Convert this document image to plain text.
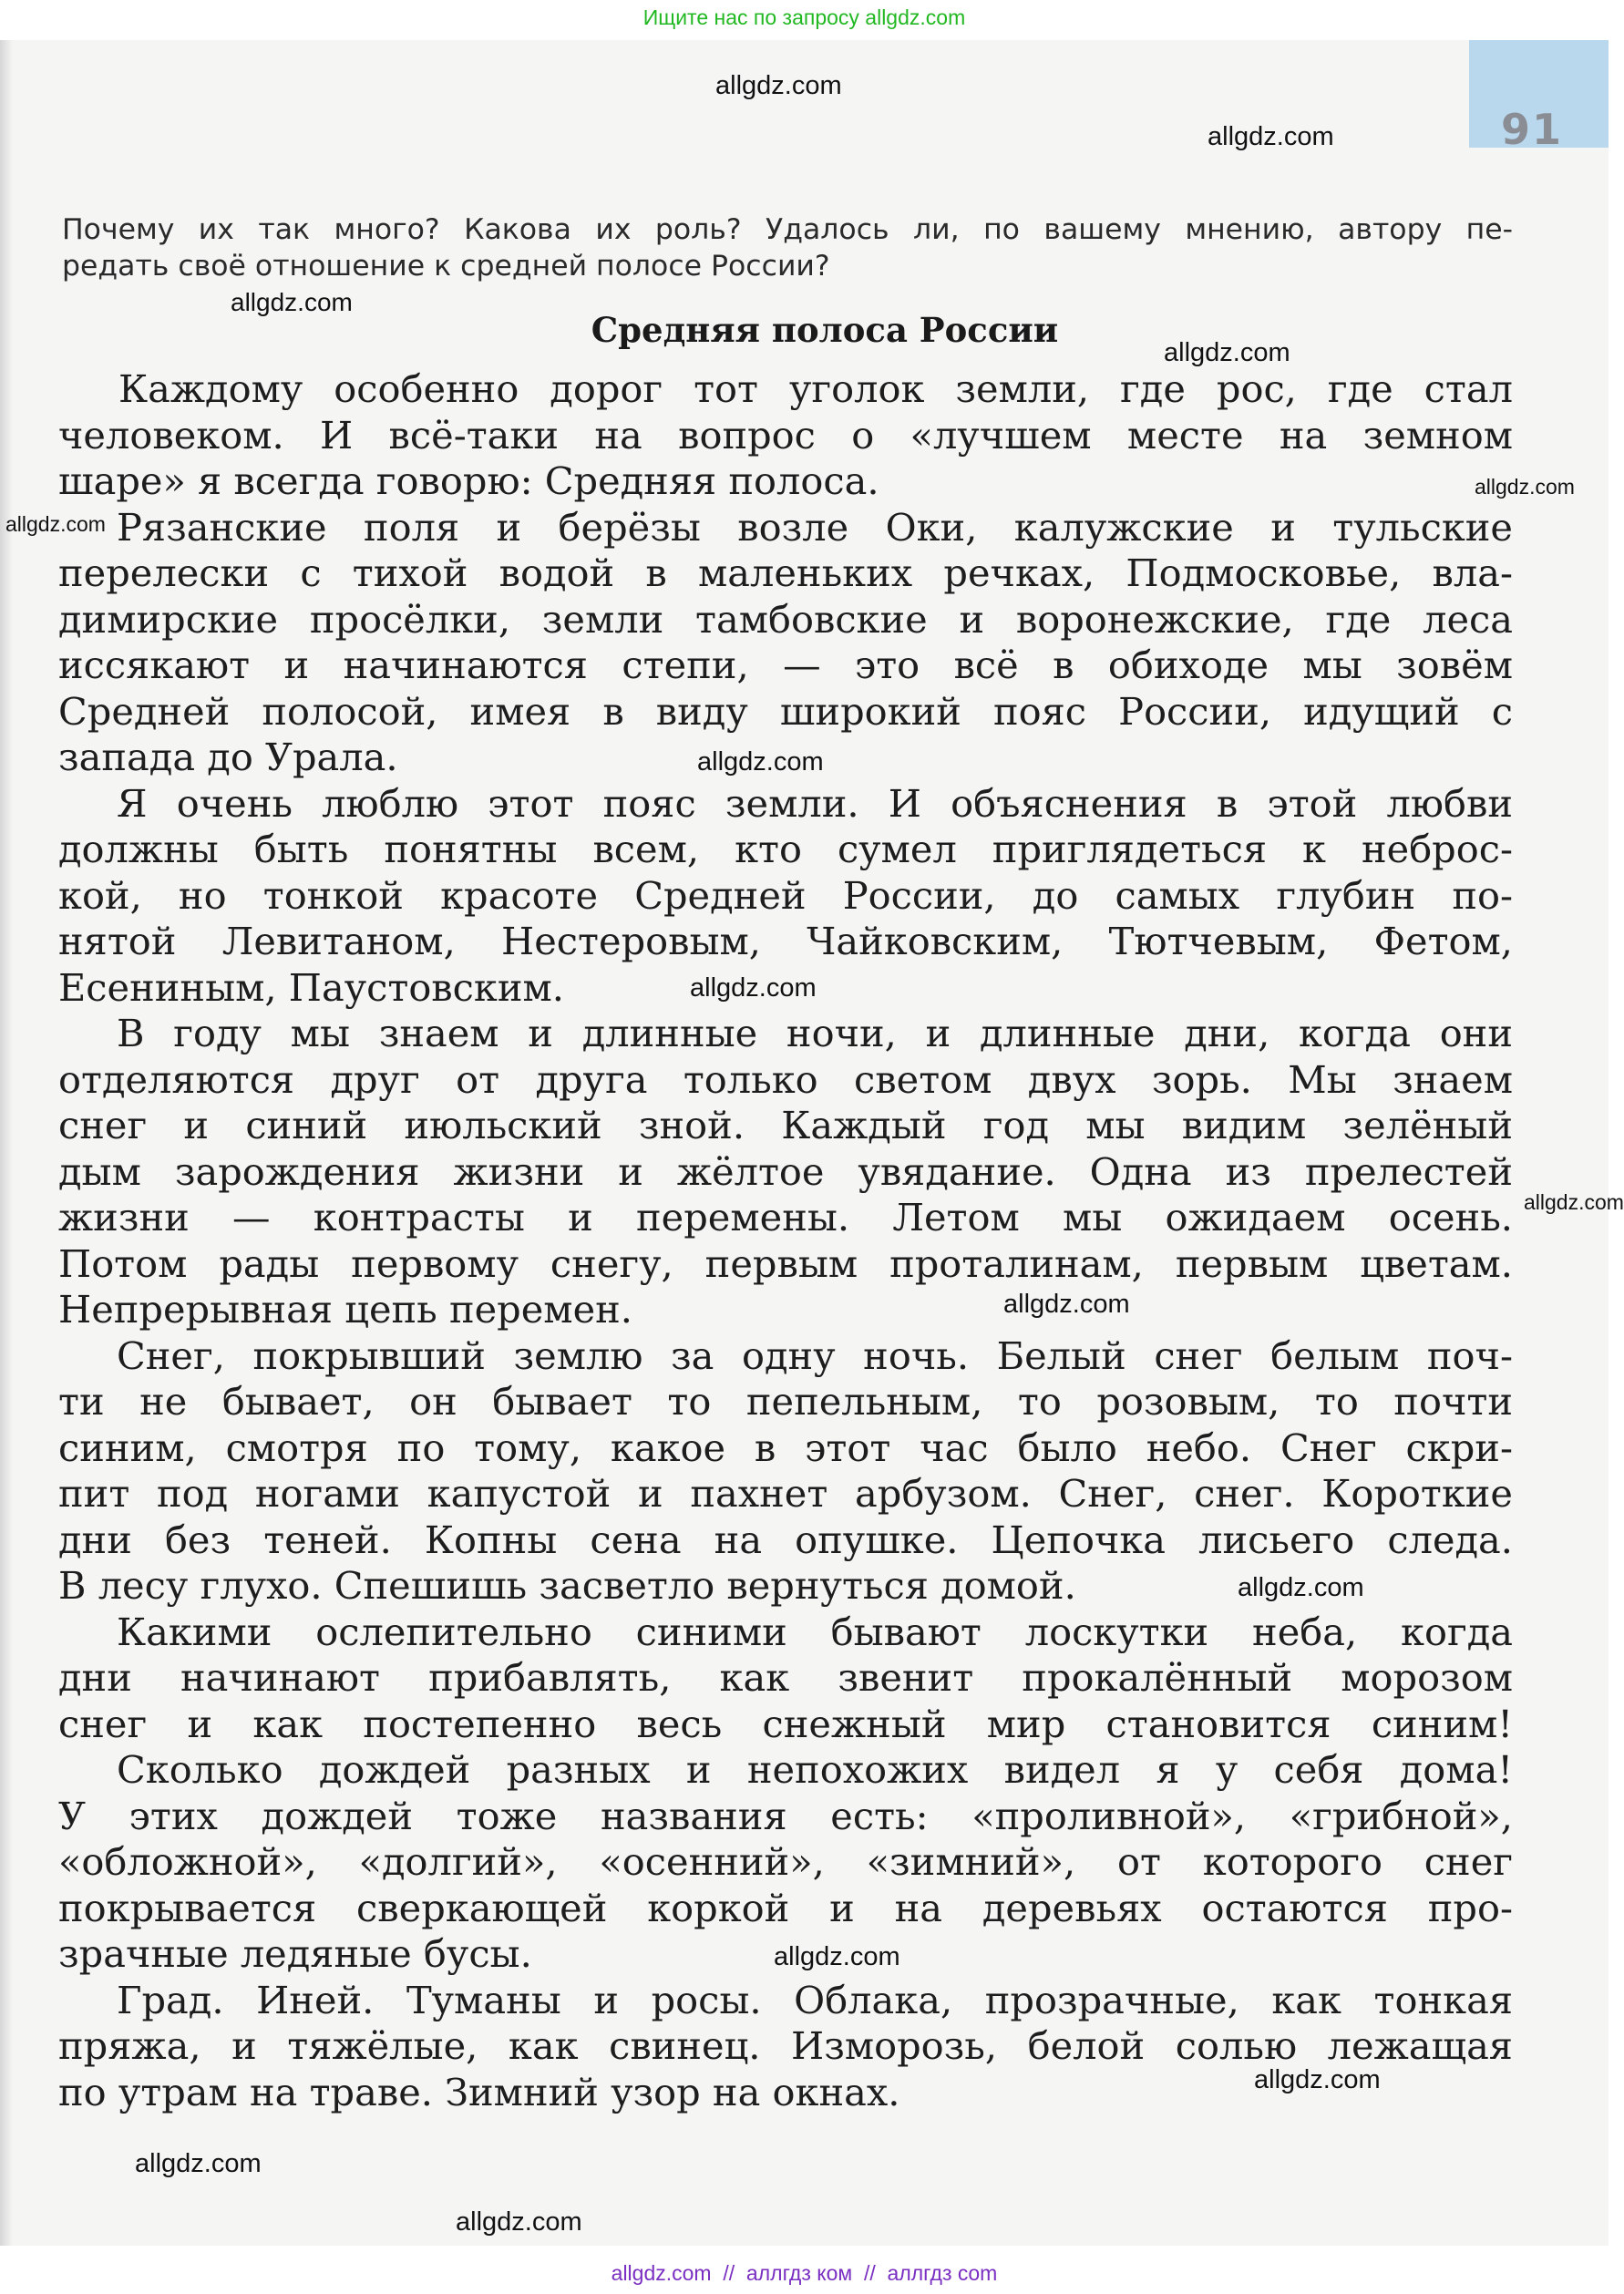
Ищите нас по запросу allgdz.com
91

Почему их так много? Какова их роль? Удалось ли, по вашему мнению, автору пе-
редать своё отношение к средней полосе России?

Средняя полоса России
Каждому особенно дорог тот уголок земли, где рос, где стал
человеком. И всё-таки на вопрос о «лучшем месте на земном
шаре» я всегда говорю: Средняя полоса.
Рязанские поля и берёзы возле Оки, калужские и тульские
перелески с тихой водой в маленьких речках, Подмосковье, вла-
димирские просёлки, земли тамбовские и воронежские, где леса
иссякают и начинаются степи, — это всё в обиходе мы зовём
Средней полосой, имея в виду широкий пояс России, идущий с
запада до Урала.
Я очень люблю этот пояс земли. И объяснения в этой любви
должны быть понятны всем, кто сумел приглядеться к неброс-
кой, но тонкой красоте Средней России, до самых глубин по-
нятой Левитаном, Нестеровым, Чайковским, Тютчевым, Фетом,
Есениным, Паустовским.
В году мы знаем и длинные ночи, и длинные дни, когда они
отделяются друг от друга только светом двух зорь. Мы знаем
снег и синий июльский зной. Каждый год мы видим зелёный
дым зарождения жизни и жёлтое увядание. Одна из прелестей
жизни — контрасты и перемены. Летом мы ожидаем осень.
Потом рады первому снегу, первым проталинам, первым цветам.
Непрерывная цепь перемен.
Снег, покрывший землю за одну ночь. Белый снег белым поч-
ти не бывает, он бывает то пепельным, то розовым, то почти
синим, смотря по тому, какое в этот час было небо. Снег скри-
пит под ногами капустой и пахнет арбузом. Снег, снег. Короткие
дни без теней. Копны сена на опушке. Цепочка лисьего следа.
В лесу глухо. Спешишь засветло вернуться домой.
Какими ослепительно синими бывают лоскутки неба, когда
дни начинают прибавлять, как звенит прокалённый морозом
снег и как постепенно весь снежный мир становится синим!
Сколько дождей разных и непохожих видел я у себя дома!
У этих дождей тоже названия есть: «проливной», «грибной»,
«обложной», «долгий», «осенний», «зимний», от которого снег
покрывается сверкающей коркой и на деревьях остаются про-
зрачные ледяные бусы.
Град. Иней. Туманы и росы. Облака, прозрачные, как тонкая
пряжа, и тяжёлые, как свинец. Изморозь, белой солью лежащая
по утрам на траве. Зимний узор на окнах.
allgdz.com
allgdz.com
allgdz.com
allgdz.com
allgdz.com
allgdz.com
allgdz.com
allgdz.com
allgdz.com
allgdz.com
allgdz.com
allgdz.com
allgdz.com
allgdz.com
allgdz.com
allgdz.com  //  аллгдз ком  //  аллгдз com
